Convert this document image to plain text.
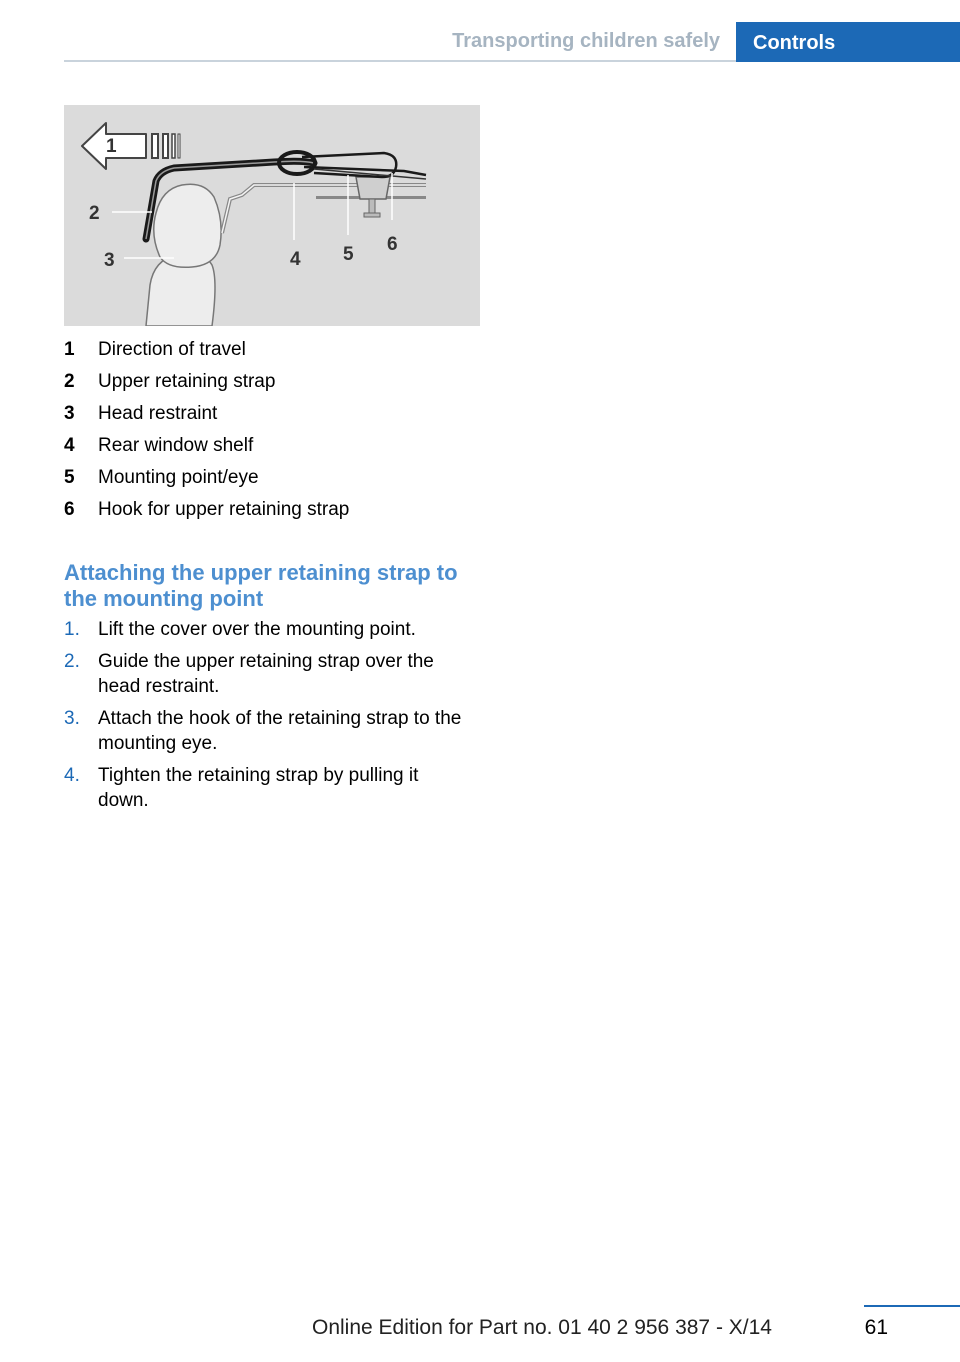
Transporting children safely	Controls
1
2
3	4 5 6
1	Direction of travel
2	Upper retaining strap
3	Head restraint
4	Rear window shelf
5	Mounting point/eye
6	Hook for upper retaining strap
Attaching the upper retaining strap to the mounting point
1. Lift the cover over the mounting point.
2. Guide the upper retaining strap over the head restraint.
3. Attach the hook of the retaining strap to the mounting eye.
4. Tighten the retaining strap by pulling it down.
61
Online Edition for Part no. 01 40 2 956 387 - X/14
